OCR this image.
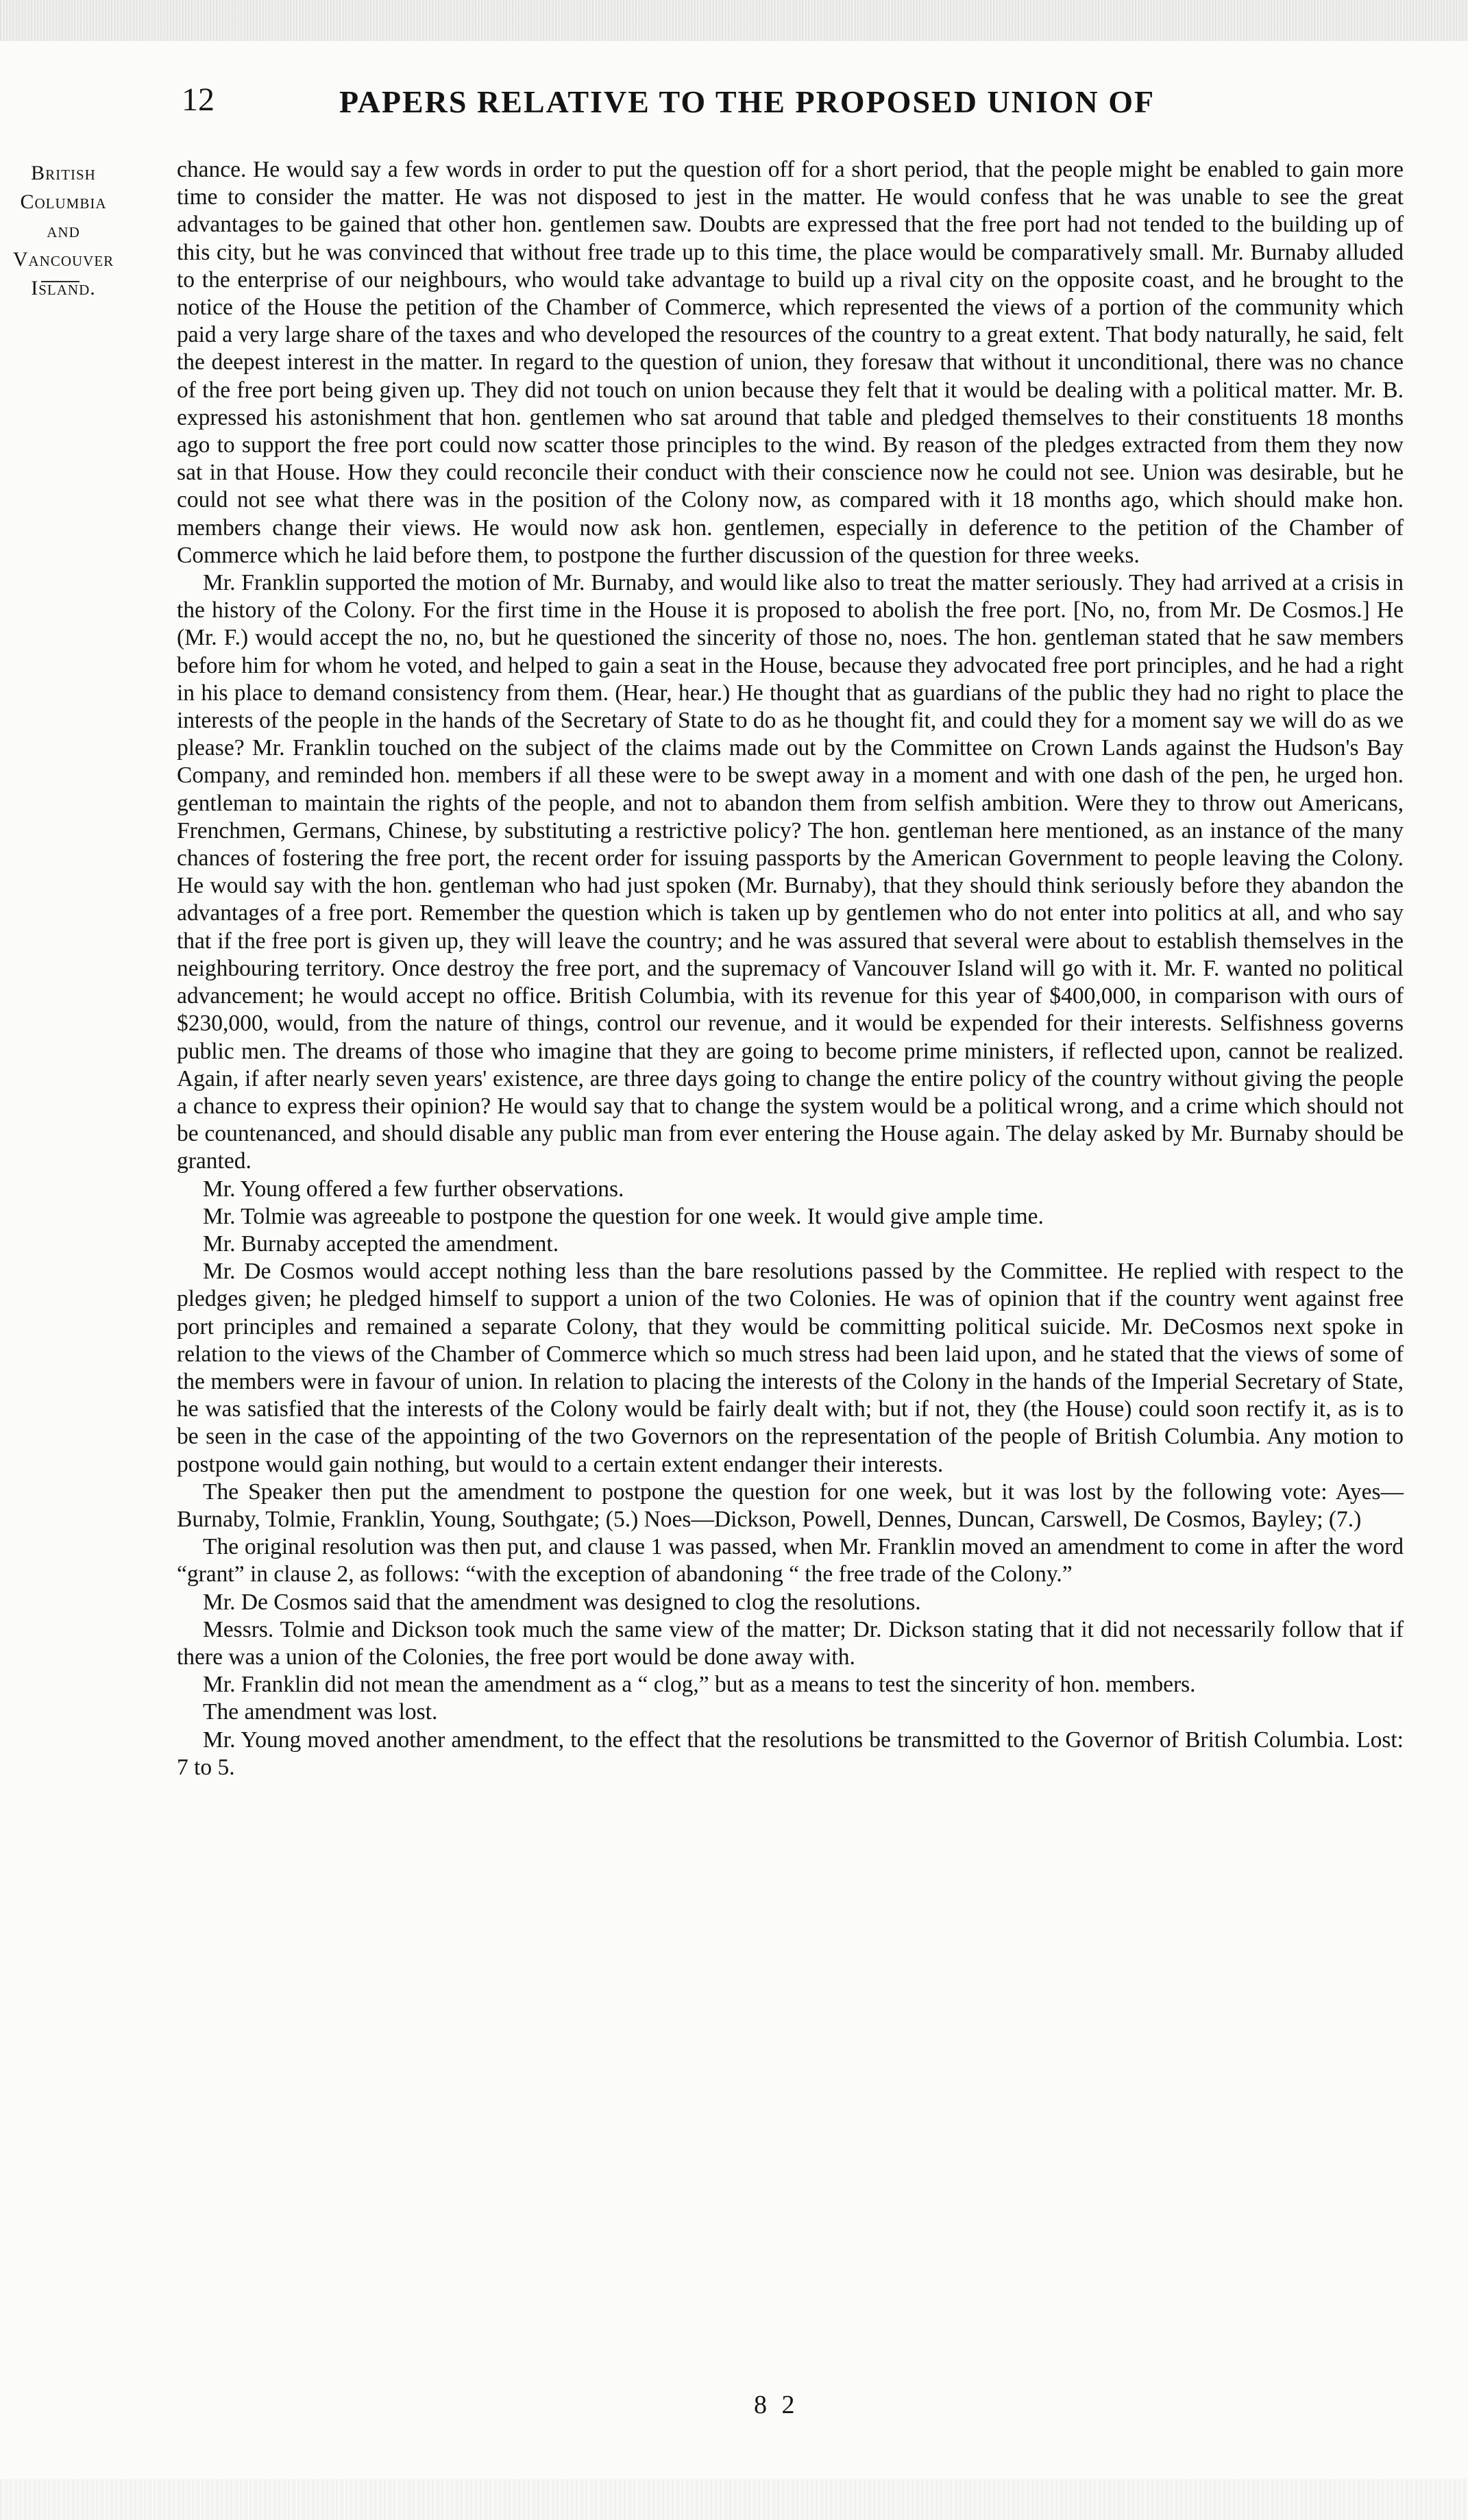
12	PAPERS RELATIVE TO THE PROPOSED UNION OF
British
Columbia
and
Vancouver
Island.

chance. He would say a few words in order to put the question off for a short period, that the people might be enabled to gain more time to consider the matter. He was not disposed to jest in the matter. He would confess that he was unable to see the great advantages to be gained that other hon. gentlemen saw. Doubts are expressed that the free port had not tended to the building up of this city, but he was convinced that without free trade up to this time, the place would be comparatively small. Mr. Burnaby alluded to the enterprise of our neighbours, who would take advantage to build up a rival city on the opposite coast, and he brought to the notice of the House the petition of the Chamber of Commerce, which represented the views of a portion of the community which paid a very large share of the taxes and who developed the resources of the country to a great extent. That body naturally, he said, felt the deepest interest in the matter. In regard to the question of union, they foresaw that without it unconditional, there was no chance of the free port being given up. They did not touch on union because they felt that it would be dealing with a political matter. Mr. B. expressed his astonishment that hon. gentlemen who sat around that table and pledged themselves to their constituents 18 months ago to support the free port could now scatter those principles to the wind. By reason of the pledges extracted from them they now sat in that House. How they could reconcile their conduct with their conscience now he could not see. Union was desirable, but he could not see what there was in the position of the Colony now, as compared with it 18 months ago, which should make hon. members change their views. He would now ask hon. gentlemen, especially in deference to the petition of the Chamber of Commerce which he laid before them, to postpone the further discussion of the question for three weeks.

Mr. Franklin supported the motion of Mr. Burnaby, and would like also to treat the matter seriously. They had arrived at a crisis in the history of the Colony. For the first time in the House it is proposed to abolish the free port. [No, no, from Mr. De Cosmos.] He (Mr. F.) would accept the no, no, but he questioned the sincerity of those no, noes. The hon. gentleman stated that he saw members before him for whom he voted, and helped to gain a seat in the House, because they advocated free port principles, and he had a right in his place to demand consistency from them. (Hear, hear.) He thought that as guardians of the public they had no right to place the interests of the people in the hands of the Secretary of State to do as he thought fit, and could they for a moment say we will do as we please? Mr. Franklin touched on the subject of the claims made out by the Committee on Crown Lands against the Hudson's Bay Company, and reminded hon. members if all these were to be swept away in a moment and with one dash of the pen, he urged hon. gentleman to maintain the rights of the people, and not to abandon them from selfish ambition. Were they to throw out Americans, Frenchmen, Germans, Chinese, by substituting a restrictive policy? The hon. gentleman here mentioned, as an instance of the many chances of fostering the free port, the recent order for issuing passports by the American Government to people leaving the Colony. He would say with the hon. gentleman who had just spoken (Mr. Burnaby), that they should think seriously before they abandon the advantages of a free port. Remember the question which is taken up by gentlemen who do not enter into politics at all, and who say that if the free port is given up, they will leave the country; and he was assured that several were about to establish themselves in the neighbouring territory. Once destroy the free port, and the supremacy of Vancouver Island will go with it. Mr. F. wanted no political advancement; he would accept no office. British Columbia, with its revenue for this year of $400,000, in comparison with ours of $230,000, would, from the nature of things, control our revenue, and it would be expended for their interests. Selfishness governs public men. The dreams of those who imagine that they are going to become prime ministers, if reflected upon, cannot be realized. Again, if after nearly seven years' existence, are three days going to change the entire policy of the country without giving the people a chance to express their opinion? He would say that to change the system would be a political wrong, and a crime which should not be countenanced, and should disable any public man from ever entering the House again. The delay asked by Mr. Burnaby should be granted.

Mr. Young offered a few further observations.

Mr. Tolmie was agreeable to postpone the question for one week. It would give ample time.

Mr. Burnaby accepted the amendment.

Mr. De Cosmos would accept nothing less than the bare resolutions passed by the Committee. He replied with respect to the pledges given; he pledged himself to support a union of the two Colonies. He was of opinion that if the country went against free port principles and remained a separate Colony, that they would be committing political suicide. Mr. DeCosmos next spoke in relation to the views of the Chamber of Commerce which so much stress had been laid upon, and he stated that the views of some of the members were in favour of union. In relation to placing the interests of the Colony in the hands of the Imperial Secretary of State, he was satisfied that the interests of the Colony would be fairly dealt with; but if not, they (the House) could soon rectify it, as is to be seen in the case of the appointing of the two Governors on the representation of the people of British Columbia. Any motion to postpone would gain nothing, but would to a certain extent endanger their interests.

The Speaker then put the amendment to postpone the question for one week, but it was lost by the following vote: Ayes—Burnaby, Tolmie, Franklin, Young, Southgate; (5.) Noes—Dickson, Powell, Dennes, Duncan, Carswell, De Cosmos, Bayley; (7.)

The original resolution was then put, and clause 1 was passed, when Mr. Franklin moved an amendment to come in after the word “grant” in clause 2, as follows: “with the exception of abandoning “ the free trade of the Colony.”

Mr. De Cosmos said that the amendment was designed to clog the resolutions.

Messrs. Tolmie and Dickson took much the same view of the matter; Dr. Dickson stating that it did not necessarily follow that if there was a union of the Colonies, the free port would be done away with.

Mr. Franklin did not mean the amendment as a “ clog,” but as a means to test the sincerity of hon. members.

The amendment was lost.

Mr. Young moved another amendment, to the effect that the resolutions be transmitted to the Governor of British Columbia. Lost: 7 to 5.

8 2
